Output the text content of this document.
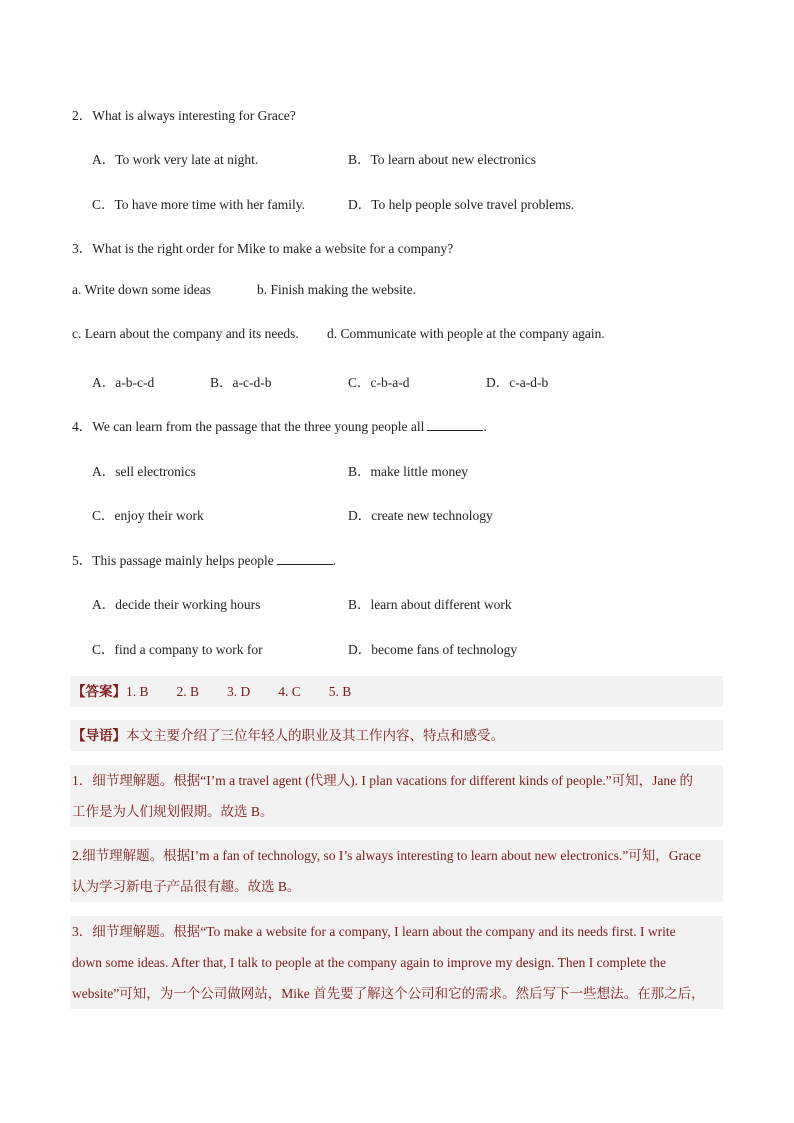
2．What is always interesting for Grace?
A．To work very late at night.	B．To learn about new electronics
C．To have more time with her family.	D．To help people solve travel problems.
3．What is the right order for Mike to make a website for a company?
a. Write down some ideas	b. Finish making the website.
c. Learn about the company and its needs. d. Communicate with people at the company again.
A．a-b-c-d	B．a-c-d-b	C．c-b-a-d	D．c-a-d-b
4．We can learn from the passage that the three young people all	.
A．sell electronics	B．make little money
C．enjoy their work	D．create new technology
5．This passage mainly helps people	.
A．decide their working hours	B．learn about different work
C．find a company to work for	D．become fans of technology
【答案】1. B 2. B 3. D 4. C 5. B
【导语】本文主要介绍了三位年轻人的职业及其工作内容、特点和感受。
1．细节理解题。根据“I’m a travel agent (代理人). I plan vacations for different kinds of people.”可知，Jane 的
工作是为人们规划假期。故选 B。
2.细节理解题。根据I’m a fan of technology, so I’s always interesting to learn about new electronics.”可知，Grace
认为学习新电子产品很有趣。故选 B。
3．细节理解题。根据“To make a website for a company, I learn about the company and its needs first. I write
down some ideas. After that, I talk to people at the company again to improve my design. Then I complete the
website”可知，为一个公司做网站，Mike 首先要了解这个公司和它的需求。然后写下一些想法。在那之后，
